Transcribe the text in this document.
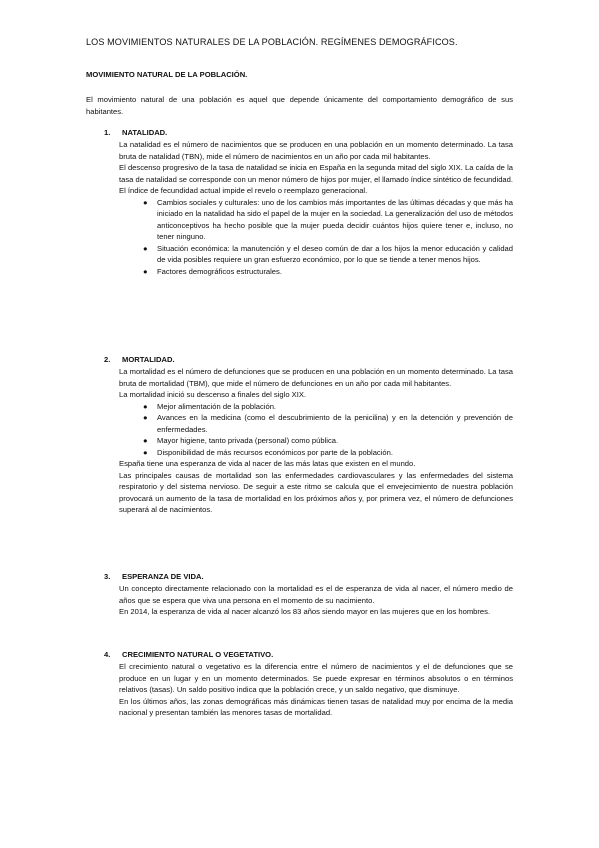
LOS MOVIMIENTOS NATURALES DE LA POBLACIÓN. REGÍMENES DEMOGRÁFICOS.
MOVIMIENTO NATURAL DE LA POBLACIÓN.
El movimiento natural de una población es aquel que depende únicamente del comportamiento demográfico de sus habitantes.
1. NATALIDAD.

La natalidad es el número de nacimientos que se producen en una población en un momento determinado. La tasa bruta de natalidad (TBN), mide el número de nacimientos en un año por cada mil habitantes.

El descenso progresivo de la tasa de natalidad se inicia en España en la segunda mitad del siglo XIX. La caída de la tasa de natalidad se corresponde con un menor número de hijos por mujer, el llamado índice sintético de fecundidad. El índice de fecundidad actual impide el revelo o reemplazo generacional.

● Cambios sociales y culturales: uno de los cambios más importantes de las últimas décadas y que más ha iniciado en la natalidad ha sido el papel de la mujer en la sociedad. La generalización del uso de métodos anticonceptivos ha hecho posible que la mujer pueda decidir cuántos hijos quiere tener e, incluso, no tener ninguno.
● Situación económica: la manutención y el deseo común de dar a los hijos la menor educación y calidad de vida posibles requiere un gran esfuerzo económico, por lo que se tiende a tener menos hijos.
● Factores demográficos estructurales.
2. MORTALIDAD.

La mortalidad es el número de defunciones que se producen en una población en un momento determinado. La tasa bruta de mortalidad (TBM), que mide el número de defunciones en un año por cada mil habitantes.

La mortalidad inició su descenso a finales del siglo XIX.

● Mejor alimentación de la población.
● Avances en la medicina (como el descubrimiento de la penicilina) y en la detención y prevención de enfermedades.
● Mayor higiene, tanto privada (personal) como pública.
● Disponibilidad de más recursos económicos por parte de la población.

España tiene una esperanza de vida al nacer de las más latas que existen en el mundo.

Las principales causas de mortalidad son las enfermedades cardiovasculares y las enfermedades del sistema respiratorio y del sistema nervioso. De seguir a este ritmo se calcula que el envejecimiento de nuestra población provocará un aumento de la tasa de mortalidad en los próximos años y, por primera vez, el número de defunciones superará al de nacimientos.

3. ESPERANZA DE VIDA.

Un concepto directamente relacionado con la mortalidad es el de esperanza de vida al nacer, el número medio de años que se espera que viva una persona en el momento de su nacimiento.

En 2014, la esperanza de vida al nacer alcanzó los 83 años siendo mayor en las mujeres que en los hombres.

4. CRECIMIENTO NATURAL O VEGETATIVO.

El crecimiento natural o vegetativo es la diferencia entre el número de nacimientos y el de defunciones que se produce en un lugar y en un momento determinados. Se puede expresar en términos absolutos o en términos relativos (tasas). Un saldo positivo indica que la población crece, y un saldo negativo, que disminuye.

En los últimos años, las zonas demográficas más dinámicas tienen tasas de natalidad muy por encima de la media nacional y presentan también las menores tasas de mortalidad.
